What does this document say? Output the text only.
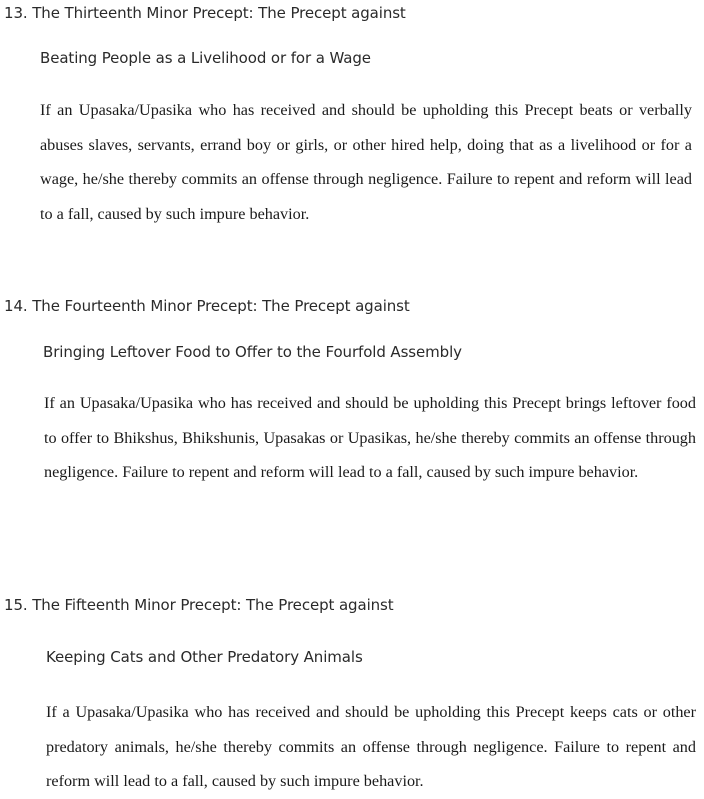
13. The Thirteenth Minor Precept: The Precept against
Beating People as a Livelihood or for a Wage

If an Upasaka/Upasika who has received and should be upholding this Precept beats or verbally abuses slaves, servants, errand boy or girls, or other hired help, doing that as a livelihood or for a wage, he/she thereby commits an offense through negligence. Failure to repent and reform will lead to a fall, caused by such impure behavior.

14. The Fourteenth Minor Precept: The Precept against
Bringing Leftover Food to Offer to the Fourfold Assembly

If an Upasaka/Upasika who has received and should be upholding this Precept brings leftover food to offer to Bhikshus, Bhikshunis, Upasakas or Upasikas, he/she thereby commits an offense through negligence. Failure to repent and reform will lead to a fall, caused by such impure behavior.

15. The Fifteenth Minor Precept: The Precept against
Keeping Cats and Other Predatory Animals

If a Upasaka/Upasika who has received and should be upholding this Precept keeps cats or other predatory animals, he/she thereby commits an offense through negligence. Failure to repent and reform will lead to a fall, caused by such impure behavior.
